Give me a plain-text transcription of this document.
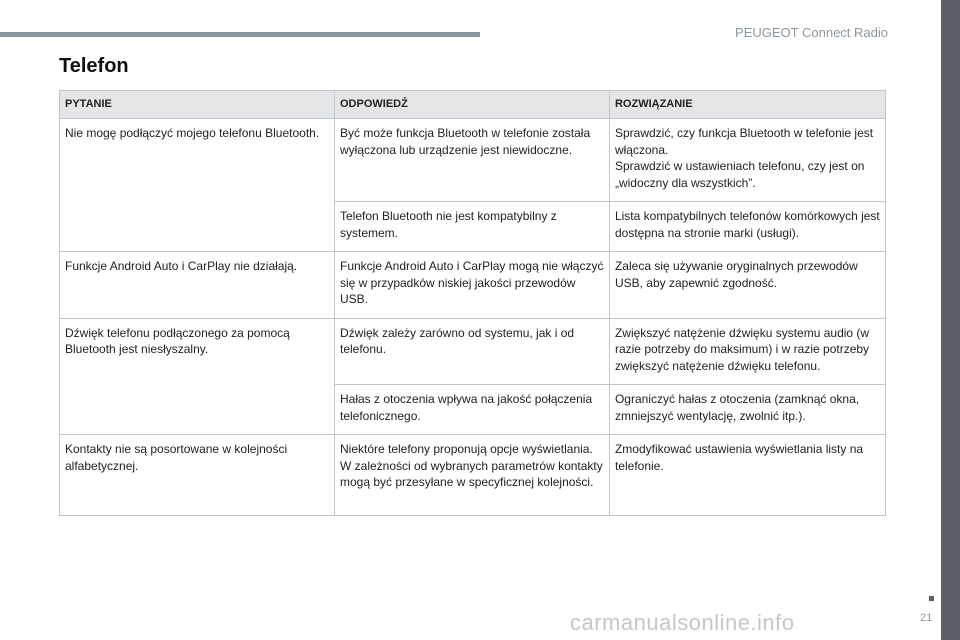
PEUGEOT Connect Radio
Telefon
PYTANIE	ODPOWIEDŹ	ROZWIĄZANIE
Nie mogę podłączyć mojego telefonu Bluetooth.	Być może funkcja Bluetooth w telefonie została wyłączona lub urządzenie jest niewidoczne.	Sprawdzić, czy funkcja Bluetooth w telefonie jest włączona.
Sprawdzić w ustawieniach telefonu, czy jest on „widoczny dla wszystkich”.

	Telefon Bluetooth nie jest kompatybilny z systemem.	Lista kompatybilnych telefonów komórkowych jest dostępna na stronie marki (usługi).

Funkcje Android Auto i CarPlay nie działają.	Funkcje Android Auto i CarPlay mogą nie włączyć się w przypadków niskiej jakości przewodów USB.	Zaleca się używanie oryginalnych przewodów USB, aby zapewnić zgodność.

Dźwięk telefonu podłączonego za pomocą Bluetooth jest niesłyszalny.	Dźwięk zależy zarówno od systemu, jak i od telefonu.	Zwiększyć natężenie dźwięku systemu audio (w razie potrzeby do maksimum) i w razie potrzeby zwiększyć natężenie dźwięku telefonu.

	Hałas z otoczenia wpływa na jakość połączenia telefonicznego.	Ograniczyć hałas z otoczenia (zamknąć okna, zmniejszyć wentylację, zwolnić itp.).

Kontakty nie są posortowane w kolejności alfabetycznej.	Niektóre telefony proponują opcje wyświetlania. W zależności od wybranych parametrów kontakty mogą być przesyłane w specyficznej kolejności.	Zmodyfikować ustawienia wyświetlania listy na telefonie.
21
carmanualsonline.info
